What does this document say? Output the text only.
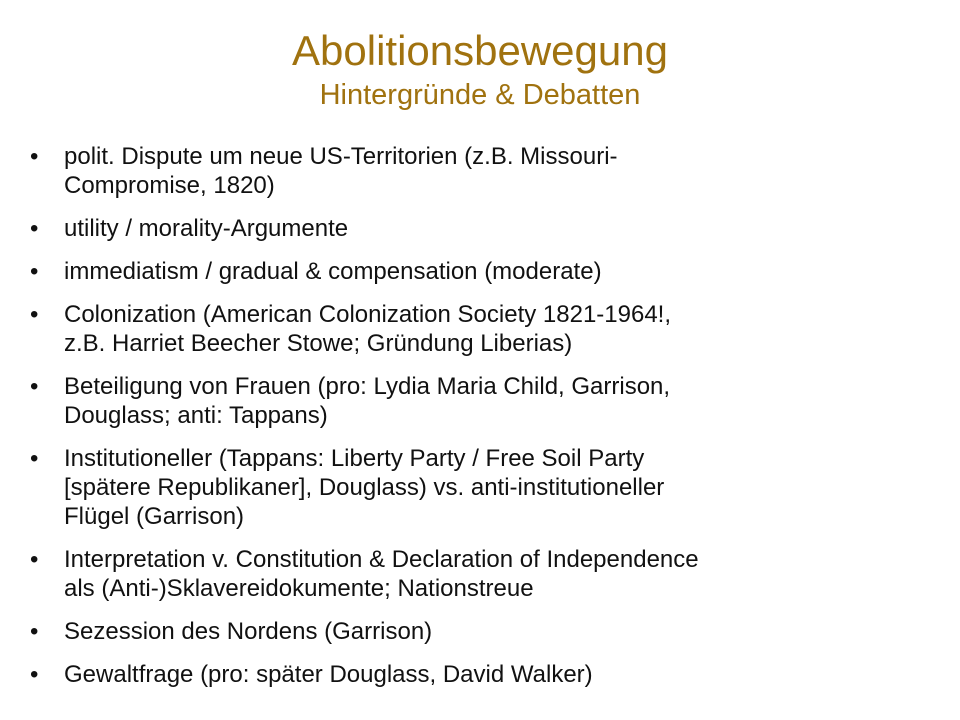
Abolitionsbewegung
Hintergründe & Debatten
• polit. Dispute um neue US-Territorien (z.B. Missouri-
Compromise, 1820)
• utility / morality-Argumente
• immediatism / gradual & compensation (moderate)
• Colonization (American Colonization Society 1821-1964!,
z.B. Harriet Beecher Stowe; Gründung Liberias)
• Beteiligung von Frauen (pro: Lydia Maria Child, Garrison,
Douglass; anti: Tappans)
• Institutioneller (Tappans: Liberty Party / Free Soil Party
[spätere Republikaner], Douglass) vs. anti-institutioneller
Flügel (Garrison)
• Interpretation v. Constitution & Declaration of Independence
als (Anti-)Sklavereidokumente; Nationstreue
• Sezession des Nordens (Garrison)
• Gewaltfrage (pro: später Douglass, David Walker)
